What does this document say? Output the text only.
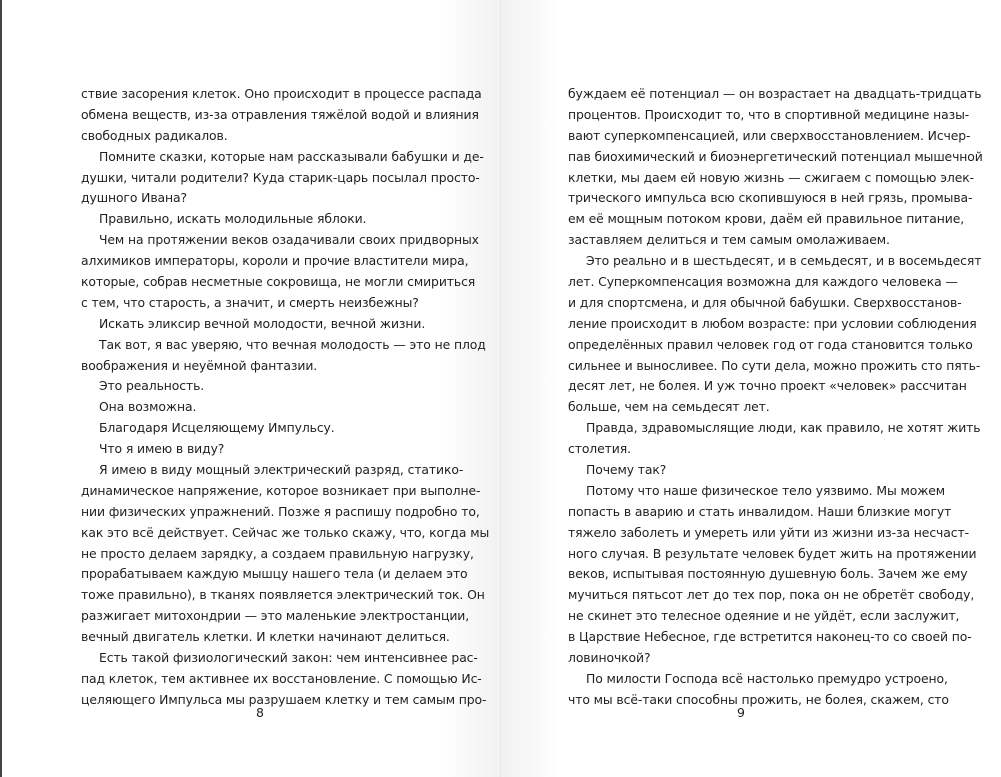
ствие засорения клеток. Оно происходит в процессе распада
обмена веществ, из-за отравления тяжёлой водой и влияния
свободных радикалов.
Помните сказки, которые нам рассказывали бабушки и де-
душки, читали родители? Куда старик-царь посылал просто-
душного Ивана?
Правильно, искать молодильные яблоки.
Чем на протяжении веков озадачивали своих придворных
алхимиков императоры, короли и прочие властители мира,
которые, собрав несметные сокровища, не могли смириться
с тем, что старость, а значит, и смерть неизбежны?
Искать эликсир вечной молодости, вечной жизни.
Так вот, я вас уверяю, что вечная молодость — это не плод
воображения и неуёмной фантазии.
Это реальность.
Она возможна.
Благодаря Исцеляющему Импульсу.
Что я имею в виду?
Я имею в виду мощный электрический разряд, статико-
динамическое напряжение, которое возникает при выполне-
нии физических упражнений. Позже я распишу подробно то,
как это всё действует. Сейчас же только скажу, что, когда мы
не просто делаем зарядку, а создаем правильную нагрузку,
прорабатываем каждую мышцу нашего тела (и делаем это
тоже правильно), в тканях появляется электрический ток. Он
разжигает митохондрии — это маленькие электростанции,
вечный двигатель клетки. И клетки начинают делиться.
Есть такой физиологический закон: чем интенсивнее рас-
пад клеток, тем активнее их восстановление. С помощью Ис-
целяющего Импульса мы разрушаем клетку и тем самым про-
8
буждаем её потенциал — он возрастает на двадцать-тридцать
процентов. Происходит то, что в спортивной медицине назы-
вают суперкомпенсацией, или сверхвосстановлением. Исчер-
пав биохимический и биоэнергетический потенциал мышечной
клетки, мы даем ей новую жизнь — сжигаем с помощью элек-
трического импульса всю скопившуюся в ней грязь, промыва-
ем её мощным потоком крови, даём ей правильное питание,
заставляем делиться и тем самым омолаживаем.
Это реально и в шестьдесят, и в семьдесят, и в восемьдесят
лет. Суперкомпенсация возможна для каждого человека —
и для спортсмена, и для обычной бабушки. Сверхвосстанов-
ление происходит в любом возрасте: при условии соблюдения
определённых правил человек год от года становится только
сильнее и выносливее. По сути дела, можно прожить сто пять-
десят лет, не болея. И уж точно проект «человек» рассчитан
больше, чем на семьдесят лет.
Правда, здравомыслящие люди, как правило, не хотят жить
столетия.
Почему так?
Потому что наше физическое тело уязвимо. Мы можем
попасть в аварию и стать инвалидом. Наши близкие могут
тяжело заболеть и умереть или уйти из жизни из-за несчаст-
ного случая. В результате человек будет жить на протяжении
веков, испытывая постоянную душевную боль. Зачем же ему
мучиться пятьсот лет до тех пор, пока он не обретёт свободу,
не скинет это телесное одеяние и не уйдёт, если заслужит,
в Царствие Небесное, где встретится наконец-то со своей по-
ловиночкой?
По милости Господа всё настолько премудро устроено,
что мы всё-таки способны прожить, не болея, скажем, сто
9
